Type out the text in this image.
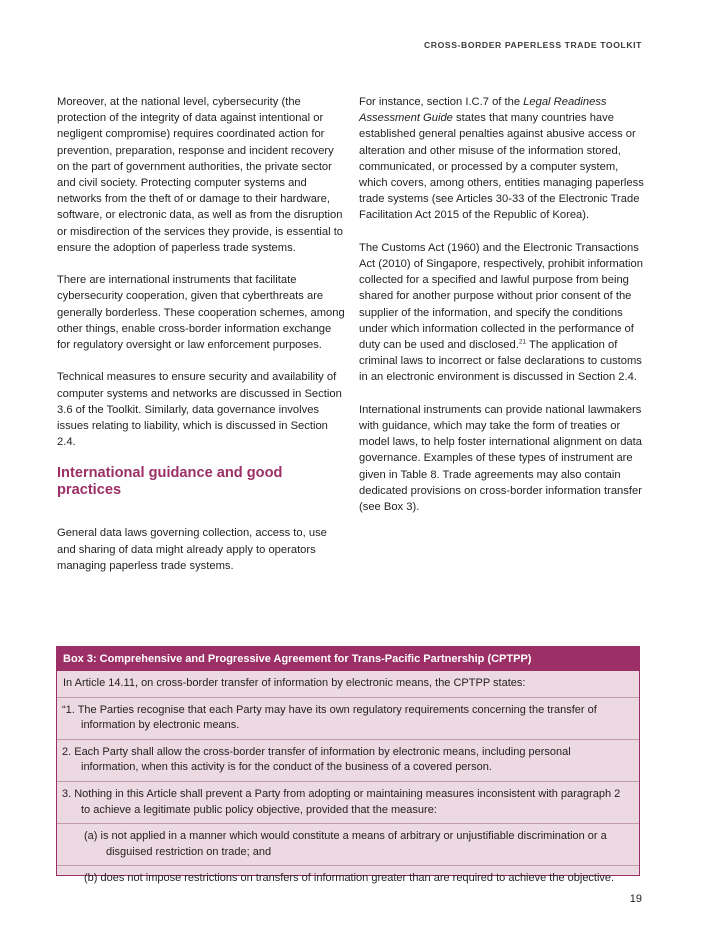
CROSS-BORDER PAPERLESS TRADE TOOLKIT

Moreover, at the national level, cybersecurity (the protection of the integrity of data against intentional or negligent compromise) requires coordinated action for prevention, preparation, response and incident recovery on the part of government authorities, the private sector and civil society. Protecting computer systems and networks from the theft of or damage to their hardware, software, or electronic data, as well as from the disruption or misdirection of the services they provide, is essential to ensure the adoption of paperless trade systems.

There are international instruments that facilitate cybersecurity cooperation, given that cyberthreats are generally borderless. These cooperation schemes, among other things, enable cross-border information exchange for regulatory oversight or law enforcement purposes.

Technical measures to ensure security and availability of computer systems and networks are discussed in Section 3.6 of the Toolkit. Similarly, data governance involves issues relating to liability, which is discussed in Section 2.4.

International guidance and good practices

General data laws governing collection, access to, use and sharing of data might already apply to operators managing paperless trade systems.

For instance, section I.C.7 of the Legal Readiness Assessment Guide states that many countries have established general penalties against abusive access or alteration and other misuse of the information stored, communicated, or processed by a computer system, which covers, among others, entities managing paperless trade systems (see Articles 30-33 of the Electronic Trade Facilitation Act 2015 of the Republic of Korea).

The Customs Act (1960) and the Electronic Transactions Act (2010) of Singapore, respectively, prohibit information collected for a specified and lawful purpose from being shared for another purpose without prior consent of the supplier of the information, and specify the conditions under which information collected in the performance of duty can be used and disclosed.$^{21}$ The application of criminal laws to incorrect or false declarations to customs in an electronic environment is discussed in Section 2.4.

International instruments can provide national lawmakers with guidance, which may take the form of treaties or model laws, to help foster international alignment on data governance. Examples of these types of instrument are given in Table 8. Trade agreements may also contain dedicated provisions on cross-border information transfer (see Box 3).

Box 3: Comprehensive and Progressive Agreement for Trans-Pacific Partnership (CPTPP)
In Article 14.11, on cross-border transfer of information by electronic means, the CPTPP states:
“1. The Parties recognise that each Party may have its own regulatory requirements concerning the transfer of information by electronic means.
2. Each Party shall allow the cross-border transfer of information by electronic means, including personal information, when this activity is for the conduct of the business of a covered person.
3. Nothing in this Article shall prevent a Party from adopting or maintaining measures inconsistent with paragraph 2 to achieve a legitimate public policy objective, provided that the measure:
(a) is not applied in a manner which would constitute a means of arbitrary or unjustifiable discrimination or a disguised restriction on trade; and
(b) does not impose restrictions on transfers of information greater than are required to achieve the objective.
19
